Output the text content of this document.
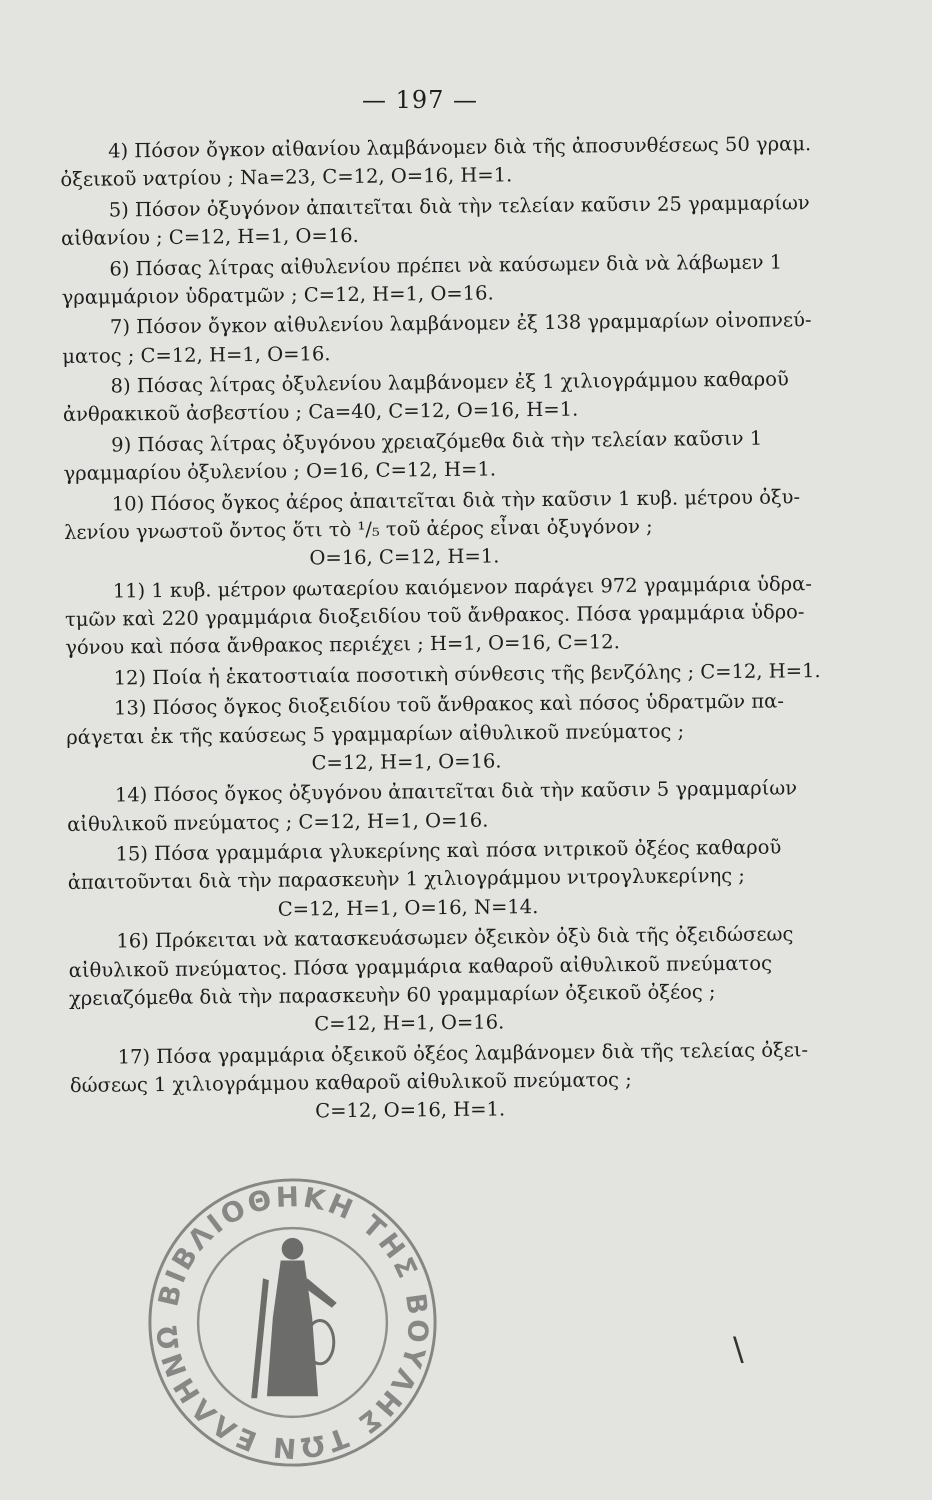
— 197 —
4) Πόσον ὄγκον αἰθανίου λαμβάνομεν διὰ τῆς ἀποσυνθέσεως 50 γραμ.
ὀξεικοῦ νατρίου ; Na=23, C=12, O=16, H=1.
5) Πόσον ὀξυγόνον ἀπαιτεῖται διὰ τὴν τελείαν καῦσιν 25 γραμμαρίων
αἰθανίου ; C=12, H=1, O=16.
6) Πόσας λίτρας αἰθυλενίου πρέπει νὰ καύσωμεν διὰ νὰ λάβωμεν 1
γραμμάριον ὑδρατμῶν ; C=12, H=1, O=16.
7) Πόσον ὄγκον αἰθυλενίου λαμβάνομεν ἐξ 138 γραμμαρίων οἰνοπνεύ-
ματος ; C=12, H=1, O=16.
8) Πόσας λίτρας ὀξυλενίου λαμβάνομεν ἐξ 1 χιλιογράμμου καθαροῦ
ἀνθρακικοῦ ἀσβεστίου ; Ca=40, C=12, O=16, H=1.
9) Πόσας λίτρας ὀξυγόνου χρειαζόμεθα διὰ τὴν τελείαν καῦσιν 1
γραμμαρίου ὀξυλενίου ; O=16, C=12, H=1.
10) Πόσος ὄγκος ἀέρος ἀπαιτεῖται διὰ τὴν καῦσιν 1 κυβ. μέτρου ὀξυ-
λενίου γνωστοῦ ὄντος ὅτι τὸ ¹/₅ τοῦ ἀέρος εἶναι ὀξυγόνον ;
O=16, C=12, H=1.
11) 1 κυβ. μέτρον φωταερίου καιόμενον παράγει 972 γραμμάρια ὑδρα-
τμῶν καὶ 220 γραμμάρια διοξειδίου τοῦ ἄνθρακος. Πόσα γραμμάρια ὑδρο-
γόνου καὶ πόσα ἄνθρακος περιέχει ; H=1, O=16, C=12.
12) Ποία ἡ ἑκατοστιαία ποσοτικὴ σύνθεσις τῆς βενζόλης ; C=12, H=1.
13) Πόσος ὄγκος διοξειδίου τοῦ ἄνθρακος καὶ πόσος ὑδρατμῶν πα-
ράγεται ἐκ τῆς καύσεως 5 γραμμαρίων αἰθυλικοῦ πνεύματος ;
C=12, H=1, O=16.
14) Πόσος ὄγκος ὀξυγόνου ἀπαιτεῖται διὰ τὴν καῦσιν 5 γραμμαρίων
αἰθυλικοῦ πνεύματος ; C=12, H=1, O=16.
15) Πόσα γραμμάρια γλυκερίνης καὶ πόσα νιτρικοῦ ὀξέος καθαροῦ
ἀπαιτοῦνται διὰ τὴν παρασκευὴν 1 χιλιογράμμου νιτρογλυκερίνης ;
C=12, H=1, O=16, N=14.
16) Πρόκειται νὰ κατασκευάσωμεν ὀξεικὸν ὀξὺ διὰ τῆς ὀξειδώσεως
αἰθυλικοῦ πνεύματος. Πόσα γραμμάρια καθαροῦ αἰθυλικοῦ πνεύματος
χρειαζόμεθα διὰ τὴν παρασκευὴν 60 γραμμαρίων ὀξεικοῦ ὀξέος ;
C=12, H=1, O=16.
17) Πόσα γραμμάρια ὀξεικοῦ ὀξέος λαμβάνομεν διὰ τῆς τελείας ὀξει-
δώσεως 1 χιλιογράμμου καθαροῦ αἰθυλικοῦ πνεύματος ;
C=12, O=16, H=1.
ΒΙΒΛΙΟΘΗΚΗ ΤΗΣ ΒΟΥΛΗΣ ΤΩΝ ΕΛΛΗΝΩ	\
